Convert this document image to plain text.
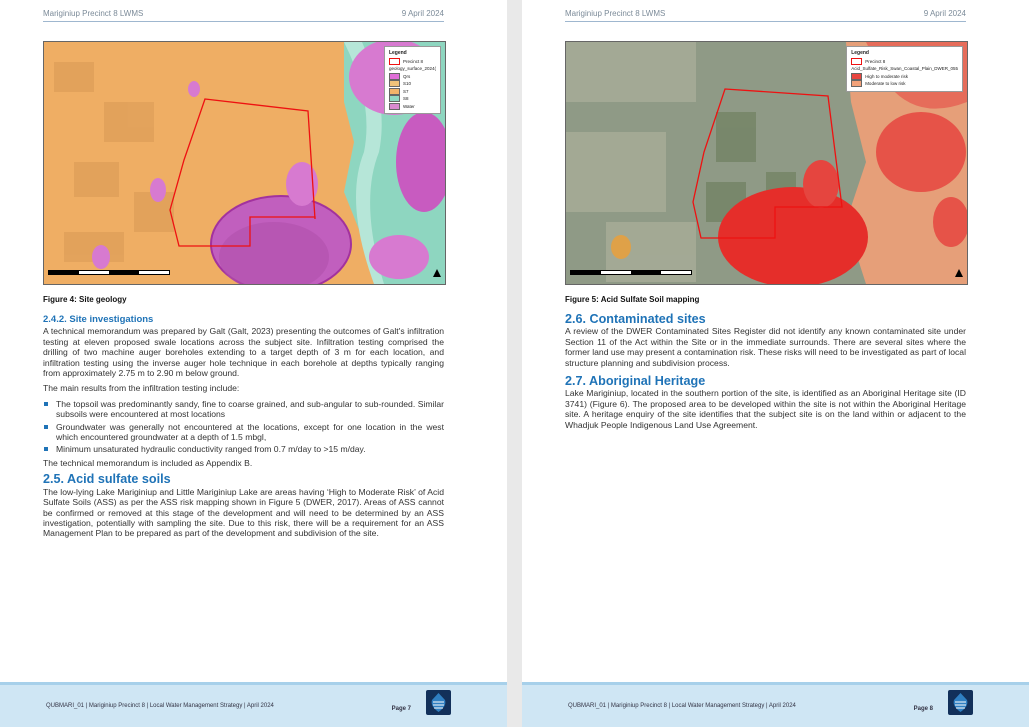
Mariginiup Precinct 8 LWMS	9 April 2024
Legend
Precinct 8
geology_surface_2024(
Qrs
S10
S7
S8
Water
Figure 4: Site geology
2.4.2. Site investigations

A technical memorandum was prepared by Galt (Galt, 2023) presenting the outcomes of Galt's infiltration testing at eleven proposed swale locations across the subject site. Infiltration testing comprised the drilling of two machine auger boreholes extending to a target depth of 3 m for each location, and infiltration testing using the inverse auger hole technique in each borehole at depths typically ranging from approximately 2.75 m to 2.90 m below ground.

The main results from the infiltration testing include:

The topsoil was predominantly sandy, fine to coarse grained, and sub-angular to sub-rounded. Similar subsoils were encountered at most locations
Groundwater was generally not encountered at the locations, except for one location in the west which encountered groundwater at a depth of 1.5 mbgl,
Minimum unsaturated hydraulic conductivity ranged from 0.7 m/day to >15 m/day.

The technical memorandum is included as Appendix B.

2.5. Acid sulfate soils

The low-lying Lake Mariginiup and Little Mariginiup Lake are areas having ‘High to Moderate Risk’ of Acid Sulfate Soils (ASS) as per the ASS risk mapping shown in Figure 5 (DWER, 2017). Areas of ASS cannot be confirmed or removed at this stage of the development and will need to be determined by an ASS investigation, potentially with sampling the site. Due to this risk, there will be a requirement for an ASS Management Plan to be prepared as part of the development and subdivision of the site.

QUBMARI_01 | Mariginiup Precinct 8 | Local Water Management Strategy | April 2024	Page 7
Mariginiup Precinct 8 LWMS	9 April 2024
Legend
Precinct 8
Acid_Sulfate_Risk_Swan_Coastal_Plain_DWER_055
High to moderate risk
Moderate to low risk
Figure 5: Acid Sulfate Soil mapping
2.6. Contaminated sites

A review of the DWER Contaminated Sites Register did not identify any known contaminated site under Section 11 of the Act within the Site or in the immediate surrounds. There are several sites where the former land use may present a contamination risk. These risks will need to be investigated as part of local structure planning and subdivision process.

2.7. Aboriginal Heritage

Lake Mariginiup, located in the southern portion of the site, is identified as an Aboriginal Heritage site (ID 3741) (Figure 6). The proposed area to be developed within the site is not within the Aboriginal Heritage site. A heritage enquiry of the site identifies that the subject site is on the land within or adjacent to the Whadjuk People Indigenous Land Use Agreement.

QUBMARI_01 | Mariginiup Precinct 8 | Local Water Management Strategy | April 2024	Page 8
